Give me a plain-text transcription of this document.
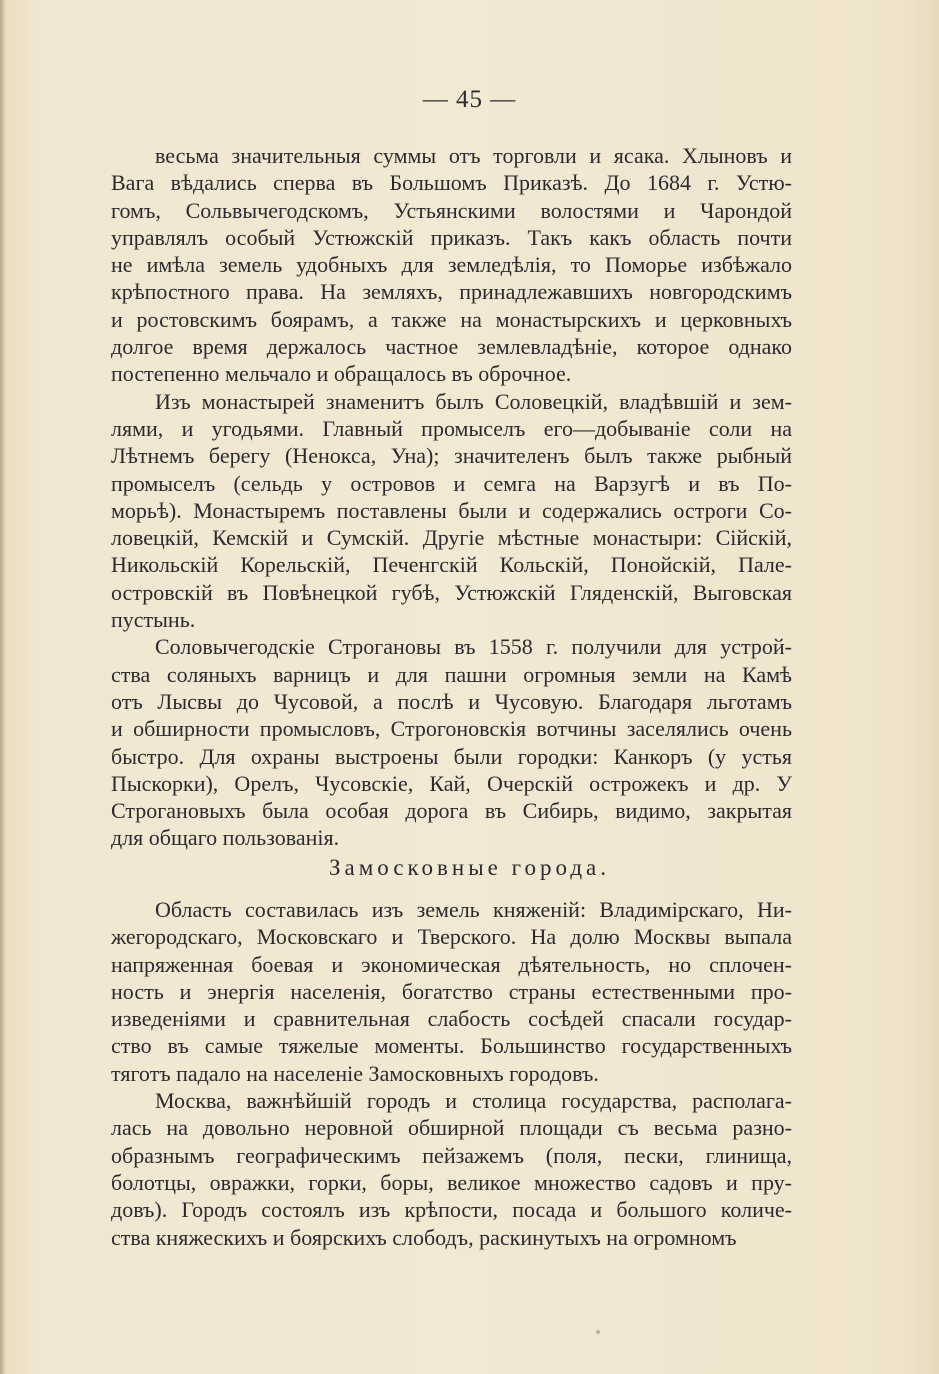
— 45 —
весьма значительныя суммы отъ торговли и ясака. Хлыновъ и
Вага вѣдались сперва въ Большомъ Приказѣ. До 1684 г. Устю-
гомъ, Сольвычегодскомъ, Устьянскими волостями и Чарондой
управлялъ особый Устюжскій приказъ. Такъ какъ область почти
не имѣла земель удобныхъ для земледѣлія, то Поморье избѣжало
крѣпостного права. На земляхъ, принадлежавшихъ новгородскимъ
и ростовскимъ боярамъ, а также на монастырскихъ и церковныхъ
долгое время держалось частное землевладѣніе, которое однако
постепенно мельчало и обращалось въ оброчное.
Изъ монастырей знаменитъ былъ Соловецкій, владѣвшій и зем-
лями, и угодьями. Главный промыселъ его—добываніе соли на
Лѣтнемъ берегу (Ненокса, Уна); значителенъ былъ также рыбный
промыселъ (сельдь у островов и семга на Варзугѣ и въ По-
морьѣ). Монастыремъ поставлены были и содержались остроги Со-
ловецкій, Кемскій и Сумскій. Другіе мѣстные монастыри: Сійскій,
Никольскій Корельскій, Печенгскій Кольскій, Понойскій, Пале-
островскій въ Повѣнецкой губѣ, Устюжскій Гляденскій, Выговская
пустынь.
Соловычегодскіе Строгановы въ 1558 г. получили для устрой-
ства соляныхъ варницъ и для пашни огромныя земли на Камѣ
отъ Лысвы до Чусовой, а послѣ и Чусовую. Благодаря льготамъ
и обширности промысловъ, Строгоновскія вотчины заселялись очень
быстро. Для охраны выстроены были городки: Канкоръ (у устья
Пыскорки), Орелъ, Чусовскіе, Кай, Очерскій острожекъ и др. У
Строгановыхъ была особая дорога въ Сибирь, видимо, закрытая
для общаго пользованія.
Замосковные города.
Область составилась изъ земель княженій: Владимірскаго, Ни-
жегородскаго, Московскаго и Тверского. На долю Москвы выпала
напряженная боевая и экономическая дѣятельность, но сплочен-
ность и энергія населенія, богатство страны естественными про-
изведеніями и сравнительная слабость сосѣдей спасали государ-
ство въ самые тяжелые моменты. Большинство государственныхъ
тяготъ падало на населеніе Замосковныхъ городовъ.
Москва, важнѣйшій городъ и столица государства, располага-
лась на довольно неровной обширной площади съ весьма разно-
образнымъ географическимъ пейзажемъ (поля, пески, глинища,
болотцы, овражки, горки, боры, великое множество садовъ и пру-
довъ). Городъ состоялъ изъ крѣпости, посада и большого количе-
ства княжескихъ и боярскихъ слободъ, раскинутыхъ на огромномъ
